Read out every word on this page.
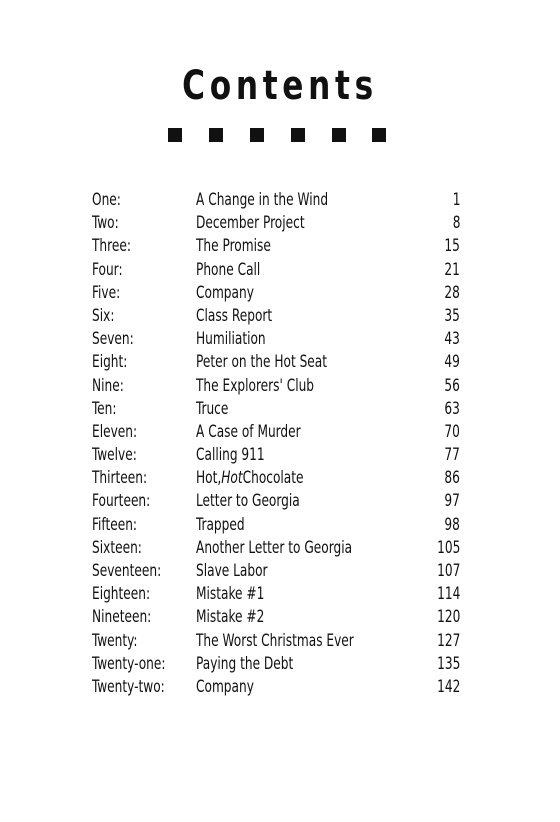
Contents
One:	A Change in the Wind	1
Two:	December Project	8
Three:	The Promise	15
Four:	Phone Call	21
Five:	Company	28
Six:	Class Report	35
Seven:	Humiliation	43
Eight:	Peter on the Hot Seat	49
Nine:	The Explorers' Club	56
Ten:	Truce	63
Eleven:	A Case of Murder	70
Twelve:	Calling 911	77
Thirteen:	Hot,HotChocolate	86
Fourteen:	Letter to Georgia	97
Fifteen:	Trapped	98
Sixteen:	Another Letter to Georgia	105
Seventeen: Slave Labor	107
Eighteen:	Mistake #1	114
Nineteen:	Mistake #2	120
Twenty:	The Worst Christmas Ever	127
Twenty-one: Paying the Debt	135
Twenty-two: Company	142
